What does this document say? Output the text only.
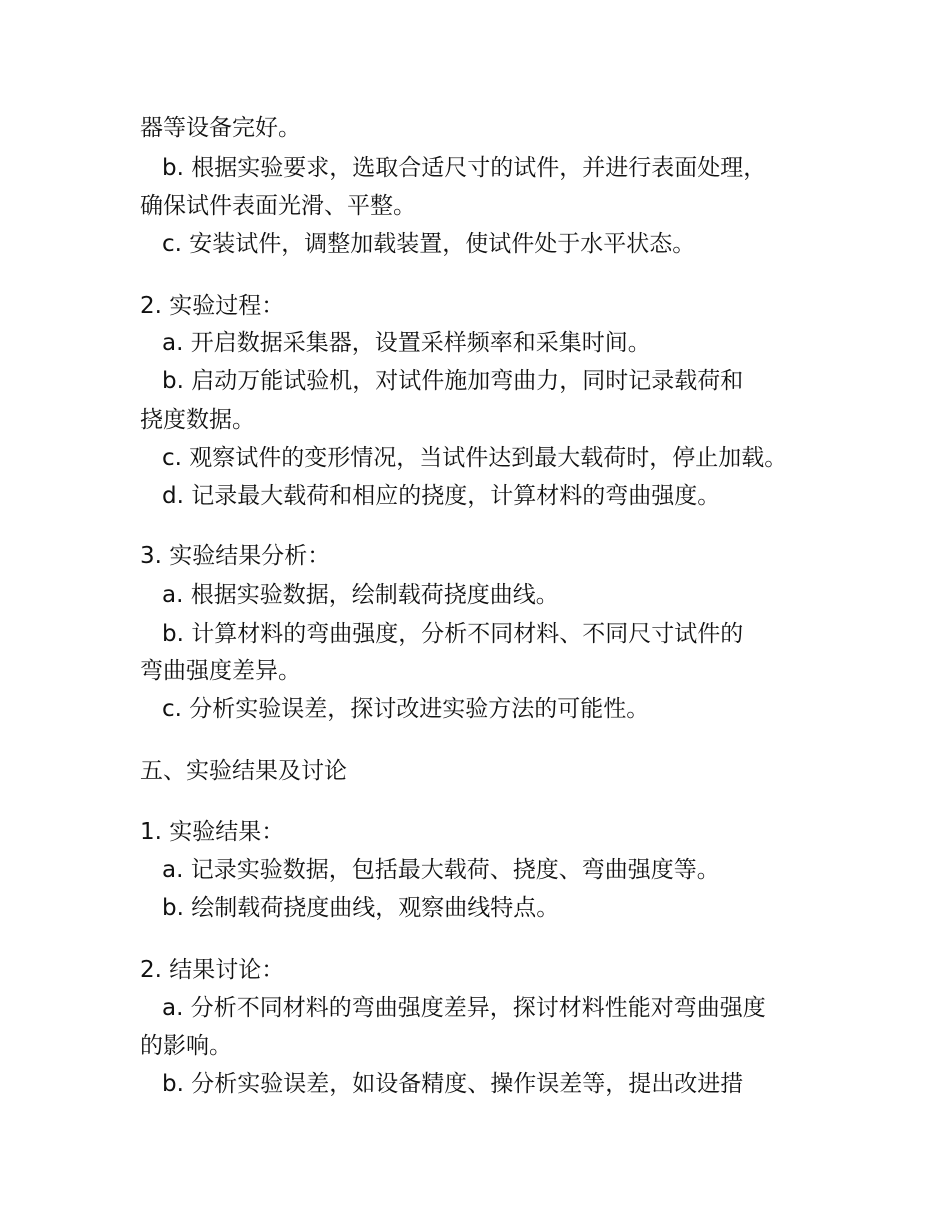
器等设备完好。
b. 根据实验要求，选取合适尺寸的试件，并进行表面处理，
确保试件表面光滑、平整。
c. 安装试件，调整加载装置，使试件处于水平状态。
2. 实验过程：
a. 开启数据采集器，设置采样频率和采集时间。
b. 启动万能试验机，对试件施加弯曲力，同时记录载荷和
挠度数据。
c. 观察试件的变形情况，当试件达到最大载荷时，停止加载。
d. 记录最大载荷和相应的挠度，计算材料的弯曲强度。
3. 实验结果分析：
a. 根据实验数据，绘制载荷挠度曲线。
b. 计算材料的弯曲强度，分析不同材料、不同尺寸试件的
弯曲强度差异。
c. 分析实验误差，探讨改进实验方法的可能性。
五、实验结果及讨论
1. 实验结果：
a. 记录实验数据，包括最大载荷、挠度、弯曲强度等。
b. 绘制载荷挠度曲线，观察曲线特点。
2. 结果讨论：
a. 分析不同材料的弯曲强度差异，探讨材料性能对弯曲强度
的影响。
b. 分析实验误差，如设备精度、操作误差等，提出改进措
